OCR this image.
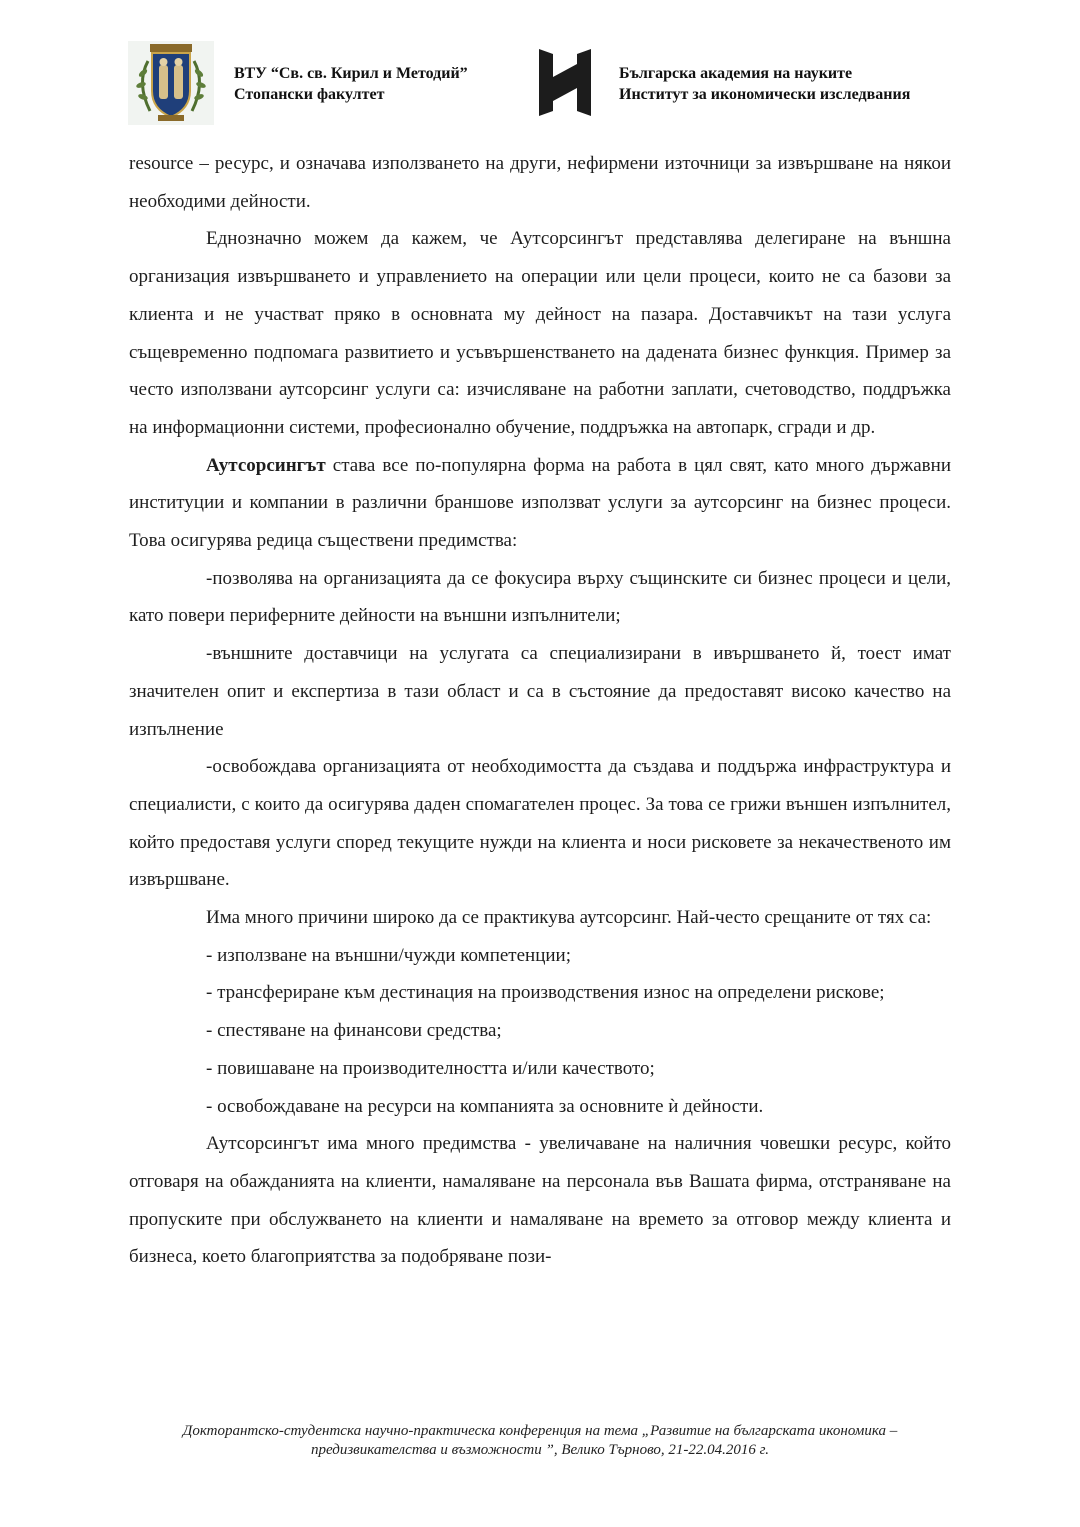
ВТУ “Св. св. Кирил и Методий”
Стопански факултет
Българска академия на науките
Институт за икономически изследвания

resource – ресурс, и означава използването на други, нефирмени източници за извършване на някои необходими дейности.

Еднозначно можем да кажем, че Аутсорсингът представлява делегиране на външна организация извършването и управлението на операции или цели процеси, които не са базови за клиента и не участват пряко в основната му дейност на пазара. Доставчикът на тази услуга същевременно подпомага развитието и усъвършенстването на дадената бизнес функция. Пример за често използвани аутсорсинг услуги са: изчисляване на работни заплати, счетоводство, поддръжка на информационни системи, професионално обучение, поддръжка на автопарк, сгради и др.

Аутсорсингът става все по-популярна форма на работа в цял свят, като много държавни институции и компании в различни браншове използват услуги за аутсорсинг на бизнес процеси. Това осигурява редица съществени предимства:

-позволява на организацията да се фокусира върху същинските си бизнес процеси и цели, като повери периферните дейности на външни изпълнители;

-външните доставчици на услугата са специализирани в ивършването й, тоест имат значителен опит и експертиза в тази област и са в състояние да предоставят високо качество на изпълнение

-освобождава организацията от необходимостта да създава и поддържа инфраструктура и специалисти, с които да осигурява даден спомагателен процес. За това се грижи външен изпълнител, който предоставя услуги според текущите нужди на клиента и носи рисковете за некачественото им извършване.

Има много причини широко да се практикува аутсорсинг. Най-често срещаните от тях са:

- използване на външни/чужди компетенции;

- трансфериране към дестинация на производствения износ на определени рискове;

- спестяване на финансови средства;

- повишаване на производителността и/или качеството;

- освобождаване на ресурси на компанията за основните ѝ дейности.

Аутсорсингът има много предимства - увеличаване на наличния човешки ресурс, който отговаря на обажданията на клиенти, намаляване на персонала във Вашата фирма, отстраняване на пропуските при обслужването на клиенти и намаляване на времето за отговор между клиента и бизнеса, което благоприятства за подобряване пози-

Докторантско-студентска научно-практическа конференция на тема „Развитие на българската икономика – предизвикателства и възможности ”, Велико Търново, 21-22.04.2016 г.
